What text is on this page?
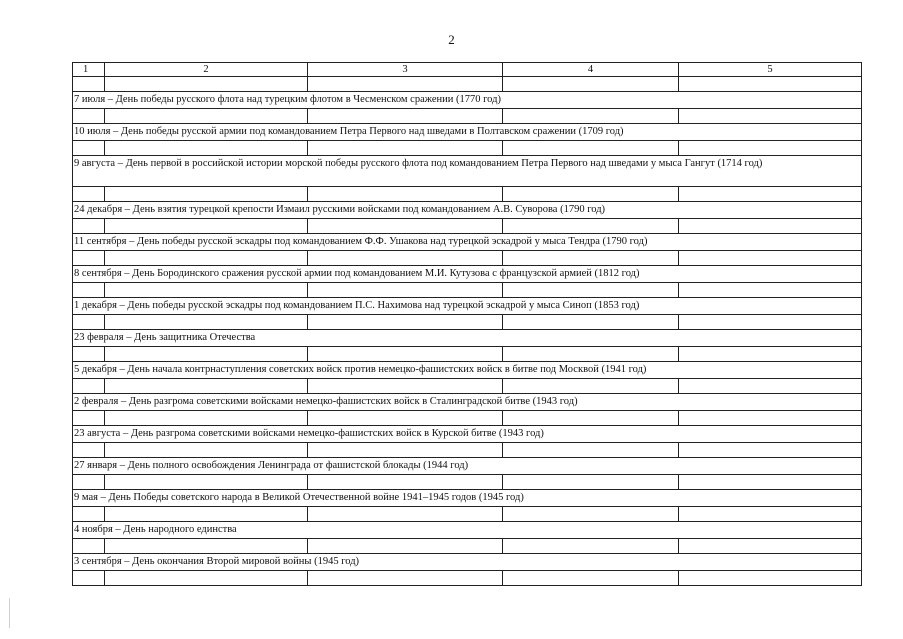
2
1	2	3	4	5

7 июля – День победы русского флота над турецким флотом в Чесменском сражении (1770 год)				

10 июля – День победы русской армии под командованием Петра Первого над шведами в Полтавском сражении (1709 год)				

9 августа – День первой в российской истории морской победы русского флота под командованием Петра Первого над шведами у мыса Гангут (1714 год)				

24 декабря – День взятия турецкой крепости Измаил русскими войсками под командованием А.В. Суворова (1790 год)				

11 сентября – День победы русской эскадры под командованием Ф.Ф. Ушакова над турецкой эскадрой у мыса Тендра (1790 год)				

8 сентября – День Бородинского сражения русской армии под командованием М.И. Кутузова с французской армией (1812 год)				

1 декабря – День победы русской эскадры под командованием П.С. Нахимова над турецкой эскадрой у мыса Синоп (1853 год)				

23 февраля – День защитника Отечества				

5 декабря – День начала контрнаступления советских войск против немецко-фашистских войск в битве под Москвой (1941 год)				

2 февраля – День разгрома советскими войсками немецко-фашистских войск в Сталинградской битве (1943 год)				

23 августа – День разгрома советскими войсками немецко-фашистских войск в Курской битве (1943 год)				

27 января – День полного освобождения Ленинграда от фашистской блокады (1944 год)				

9 мая – День Победы советского народа в Великой Отечественной войне 1941–1945 годов (1945 год)				

4 ноября – День народного единства				

3 сентября – День окончания Второй мировой войны (1945 год)				
